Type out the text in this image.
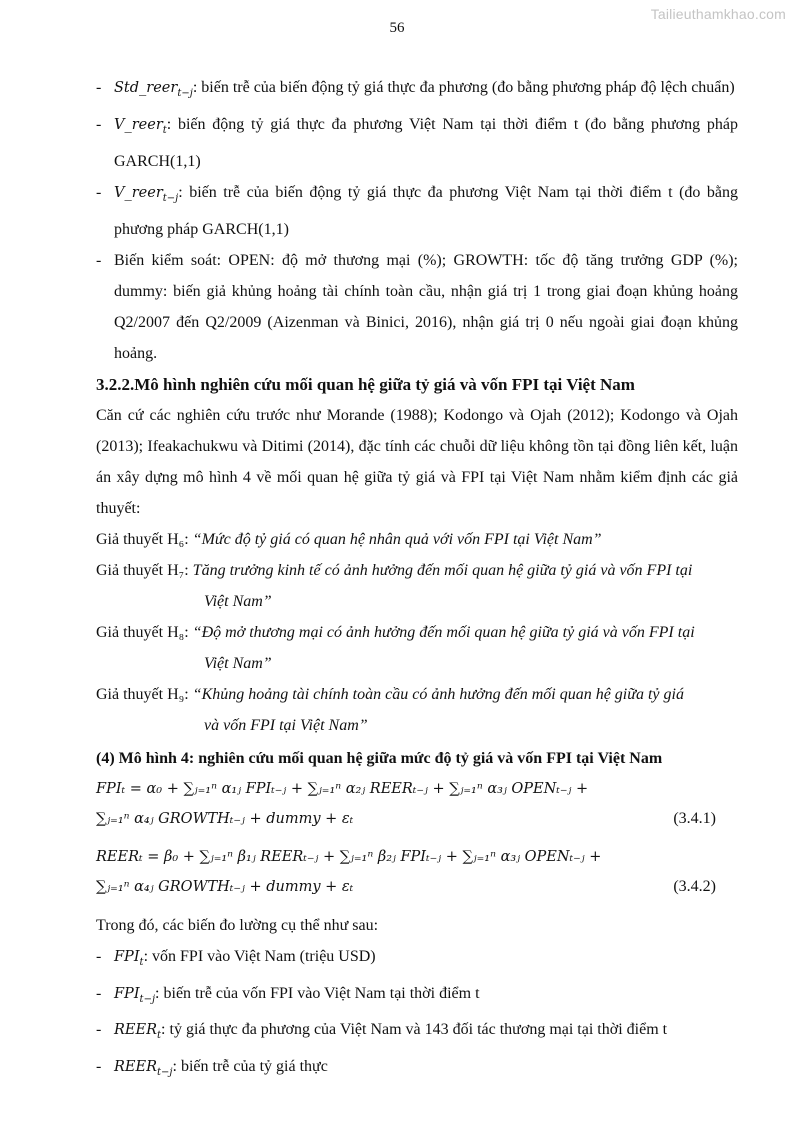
Tailieuthamkhao.com
56
- Std_reer$_{t-j}$: biến trễ của biến động tỷ giá thực đa phương (đo bằng phương pháp độ lệch chuẩn)
- V_reer$_t$: biến động tỷ giá thực đa phương Việt Nam tại thời điểm t (đo bằng phương pháp GARCH(1,1)
- V_reer$_{t-j}$: biến trễ của biến động tỷ giá thực đa phương Việt Nam tại thời điểm t (đo bằng phương pháp GARCH(1,1)
- Biến kiểm soát: OPEN: độ mở thương mại (%); GROWTH: tốc độ tăng trưởng GDP (%); dummy: biến giả khủng hoảng tài chính toàn cầu, nhận giá trị 1 trong giai đoạn khủng hoảng Q2/2007 đến Q2/2009 (Aizenman và Binici, 2016), nhận giá trị 0 nếu ngoài giai đoạn khủng hoảng.
3.2.2.Mô hình nghiên cứu mối quan hệ giữa tỷ giá và vốn FPI tại Việt Nam
Căn cứ các nghiên cứu trước như Morande (1988); Kodongo và Ojah (2012); Kodongo và Ojah (2013); Ifeakachukwu và Ditimi (2014), đặc tính các chuỗi dữ liệu không tồn tại đồng liên kết, luận án xây dựng mô hình 4 về mối quan hệ giữa tỷ giá và FPI tại Việt Nam nhằm kiểm định các giả thuyết:
Giả thuyết H₆: “Mức độ tỷ giá có quan hệ nhân quả với vốn FPI tại Việt Nam”
Giả thuyết H₇: Tăng trưởng kinh tế có ảnh hưởng đến mối quan hệ giữa tỷ giá và vốn FPI tại
Việt Nam”
Giả thuyết H₈: “Độ mở thương mại có ảnh hưởng đến mối quan hệ giữa tỷ giá và vốn FPI tại
Việt Nam”
Giả thuyết H₉: “Khủng hoảng tài chính toàn cầu có ảnh hưởng đến mối quan hệ giữa tỷ giá
và vốn FPI tại Việt Nam”
(4) Mô hình 4: nghiên cứu mối quan hệ giữa mức độ tỷ giá và vốn FPI tại Việt Nam
FPIₜ = α₀ + ∑ⱼ₌₁ⁿ α₁ⱼ FPIₜ₋ⱼ + ∑ⱼ₌₁ⁿ α₂ⱼ REERₜ₋ⱼ + ∑ⱼ₌₁ⁿ α₃ⱼ OPENₜ₋ⱼ +
∑ⱼ₌₁ⁿ α₄ⱼ GROWTHₜ₋ⱼ + dummy + εₜ	(3.4.1)
REERₜ = β₀ + ∑ⱼ₌₁ⁿ β₁ⱼ REERₜ₋ⱼ + ∑ⱼ₌₁ⁿ β₂ⱼ FPIₜ₋ⱼ + ∑ⱼ₌₁ⁿ α₃ⱼ OPENₜ₋ⱼ +
∑ⱼ₌₁ⁿ α₄ⱼ GROWTHₜ₋ⱼ + dummy + εₜ	(3.4.2)
Trong đó, các biến đo lường cụ thể như sau:
- $FPI_t$: vốn FPI vào Việt Nam (triệu USD)
- $FPI_{t-j}$: biến trễ của vốn FPI vào Việt Nam tại thời điểm t
- $REER_t$: tỷ giá thực đa phương của Việt Nam và 143 đối tác thương mại tại thời điểm t
- $REER_{t-j}$: biến trễ của tỷ giá thực
